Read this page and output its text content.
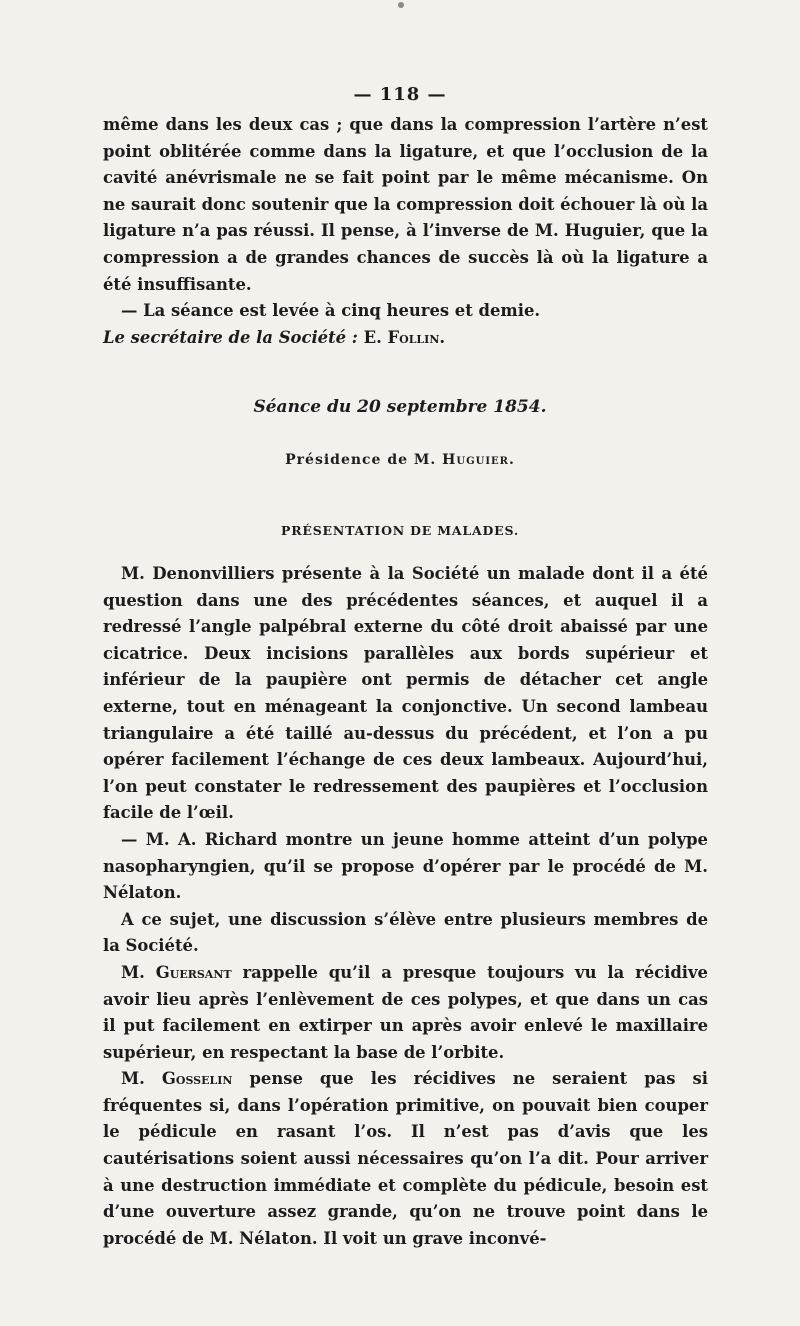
— 118 —

même dans les deux cas ; que dans la compression l’artère n’est point oblitérée comme dans la ligature, et que l’occlusion de la cavité anévrismale ne se fait point par le même mécanisme. On ne saurait donc soutenir que la compression doit échouer là où la ligature n’a pas réussi. Il pense, à l’inverse de M. Huguier, que la compression a de grandes chances de succès là où la ligature a été insuffisante.

— La séance est levée à cinq heures et demie.

Le secrétaire de la Société : E. Follin.

Séance du 20 septembre 1854.
Présidence de M. Huguier.
PRÉSENTATION DE MALADES.

M. Denonvilliers présente à la Société un malade dont il a été question dans une des précédentes séances, et auquel il a redressé l’angle palpébral externe du côté droit abaissé par une cicatrice. Deux incisions parallèles aux bords supérieur et inférieur de la paupière ont permis de détacher cet angle externe, tout en ménageant la conjonctive. Un second lambeau triangulaire a été taillé au-dessus du précédent, et l’on a pu opérer facilement l’échange de ces deux lambeaux. Aujourd’hui, l’on peut constater le redressement des paupières et l’occlusion facile de l’œil.

— M. A. Richard montre un jeune homme atteint d’un polype nasopharyngien, qu’il se propose d’opérer par le procédé de M. Nélaton.

A ce sujet, une discussion s’élève entre plusieurs membres de la Société.

M. Guersant rappelle qu’il a presque toujours vu la récidive avoir lieu après l’enlèvement de ces polypes, et que dans un cas il put facilement en extirper un après avoir enlevé le maxillaire supérieur, en respectant la base de l’orbite.

M. Gosselin pense que les récidives ne seraient pas si fréquentes si, dans l’opération primitive, on pouvait bien couper le pédicule en rasant l’os. Il n’est pas d’avis que les cautérisations soient aussi nécessaires qu’on l’a dit. Pour arriver à une destruction immédiate et complète du pédicule, besoin est d’une ouverture assez grande, qu’on ne trouve point dans le procédé de M. Nélaton. Il voit un grave inconvé-
